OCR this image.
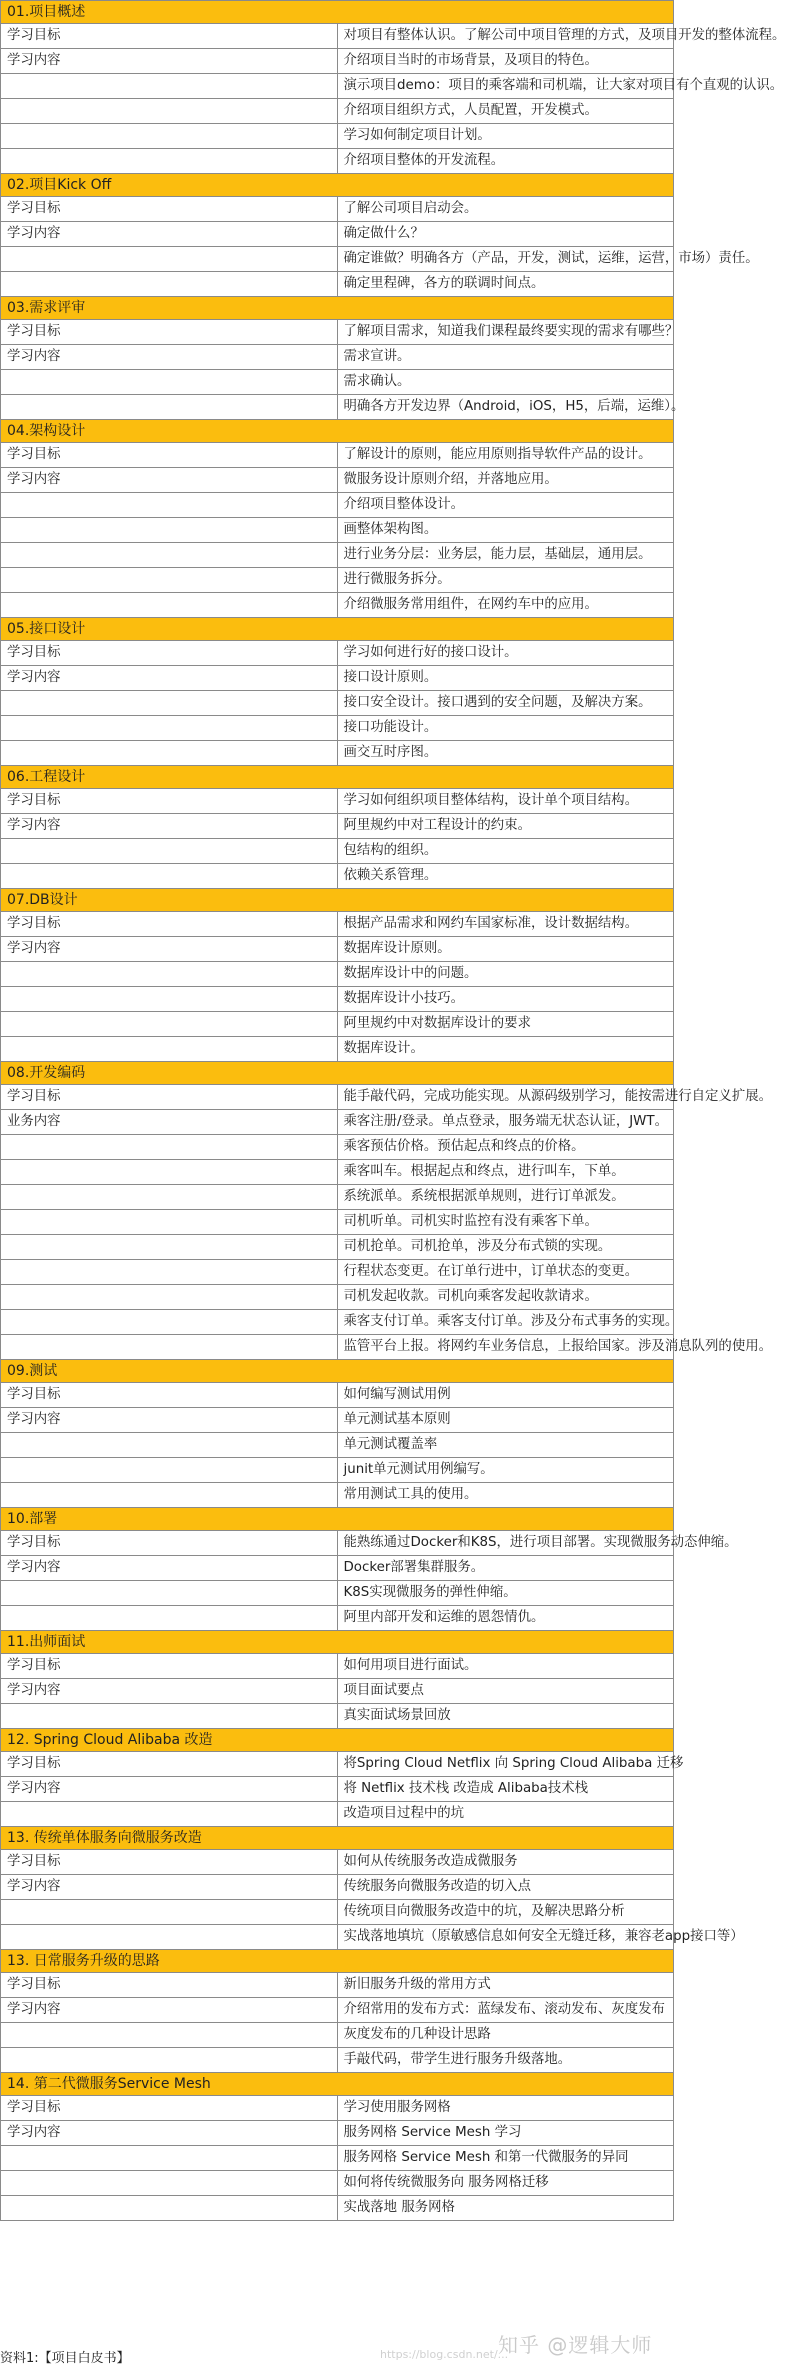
01.项目概述	
学习目标	对项目有整体认识。了解公司中项目管理的方式，及项目开发的整体流程。
学习内容	介绍项目当时的市场背景，及项目的特色。
	演示项目demo：项目的乘客端和司机端，让大家对项目有个直观的认识。
	介绍项目组织方式，人员配置，开发模式。
	学习如何制定项目计划。
	介绍项目整体的开发流程。
02.项目Kick Off	
学习目标	了解公司项目启动会。
学习内容	确定做什么？
	确定谁做？明确各方（产品，开发，测试，运维，运营，市场）责任。
	确定里程碑，各方的联调时间点。
03.需求评审	
学习目标	了解项目需求，知道我们课程最终要实现的需求有哪些？
学习内容	需求宣讲。
	需求确认。
	明确各方开发边界（Android，iOS，H5，后端，运维）。
04.架构设计	
学习目标	了解设计的原则，能应用原则指导软件产品的设计。
学习内容	微服务设计原则介绍，并落地应用。
	介绍项目整体设计。
	画整体架构图。
	进行业务分层：业务层，能力层，基础层，通用层。
	进行微服务拆分。
	介绍微服务常用组件，在网约车中的应用。
05.接口设计	
学习目标	学习如何进行好的接口设计。
学习内容	接口设计原则。
	接口安全设计。接口遇到的安全问题，及解决方案。
	接口功能设计。
	画交互时序图。
06.工程设计	
学习目标	学习如何组织项目整体结构，设计单个项目结构。
学习内容	阿里规约中对工程设计的约束。
	包结构的组织。
	依赖关系管理。
07.DB设计	
学习目标	根据产品需求和网约车国家标准，设计数据结构。
学习内容	数据库设计原则。
	数据库设计中的问题。
	数据库设计小技巧。
	阿里规约中对数据库设计的要求
	数据库设计。
08.开发编码	
学习目标	能手敲代码，完成功能实现。从源码级别学习，能按需进行自定义扩展。
业务内容	乘客注册/登录。单点登录，服务端无状态认证，JWT。
	乘客预估价格。预估起点和终点的价格。
	乘客叫车。根据起点和终点，进行叫车，下单。
	系统派单。系统根据派单规则，进行订单派发。
	司机听单。司机实时监控有没有乘客下单。
	司机抢单。司机抢单，涉及分布式锁的实现。
	行程状态变更。在订单行进中，订单状态的变更。
	司机发起收款。司机向乘客发起收款请求。
	乘客支付订单。乘客支付订单。涉及分布式事务的实现。
	监管平台上报。将网约车业务信息，上报给国家。涉及消息队列的使用。
09.测试	
学习目标	如何编写测试用例
学习内容	单元测试基本原则
	单元测试覆盖率
	junit单元测试用例编写。
	常用测试工具的使用。
10.部署	
学习目标	能熟练通过Docker和K8S，进行项目部署。实现微服务动态伸缩。
学习内容	Docker部署集群服务。
	K8S实现微服务的弹性伸缩。
	阿里内部开发和运维的恩怨情仇。
11.出师面试	
学习目标	如何用项目进行面试。
学习内容	项目面试要点
	真实面试场景回放
12. Spring Cloud Alibaba 改造	
学习目标	将Spring Cloud Netflix 向 Spring Cloud Alibaba 迁移
学习内容	将 Netflix 技术栈 改造成 Alibaba技术栈
	改造项目过程中的坑
13. 传统单体服务向微服务改造	
学习目标	如何从传统服务改造成微服务
学习内容	传统服务向微服务改造的切入点
	传统项目向微服务改造中的坑，及解决思路分析
	实战落地填坑（原敏感信息如何安全无缝迁移，兼容老app接口等）
13. 日常服务升级的思路	
学习目标	新旧服务升级的常用方式
学习内容	介绍常用的发布方式：蓝绿发布、滚动发布、灰度发布
	灰度发布的几种设计思路
	手敲代码，带学生进行服务升级落地。
14. 第二代微服务Service Mesh	
学习目标	学习使用服务网格
学习内容	服务网格 Service Mesh 学习
	服务网格 Service Mesh 和第一代微服务的异同
	如何将传统微服务向 服务网格迁移
	实战落地 服务网格
资料1:【项目白皮书】	https://blog.csdn.net/...
知乎 @逻辑大师
